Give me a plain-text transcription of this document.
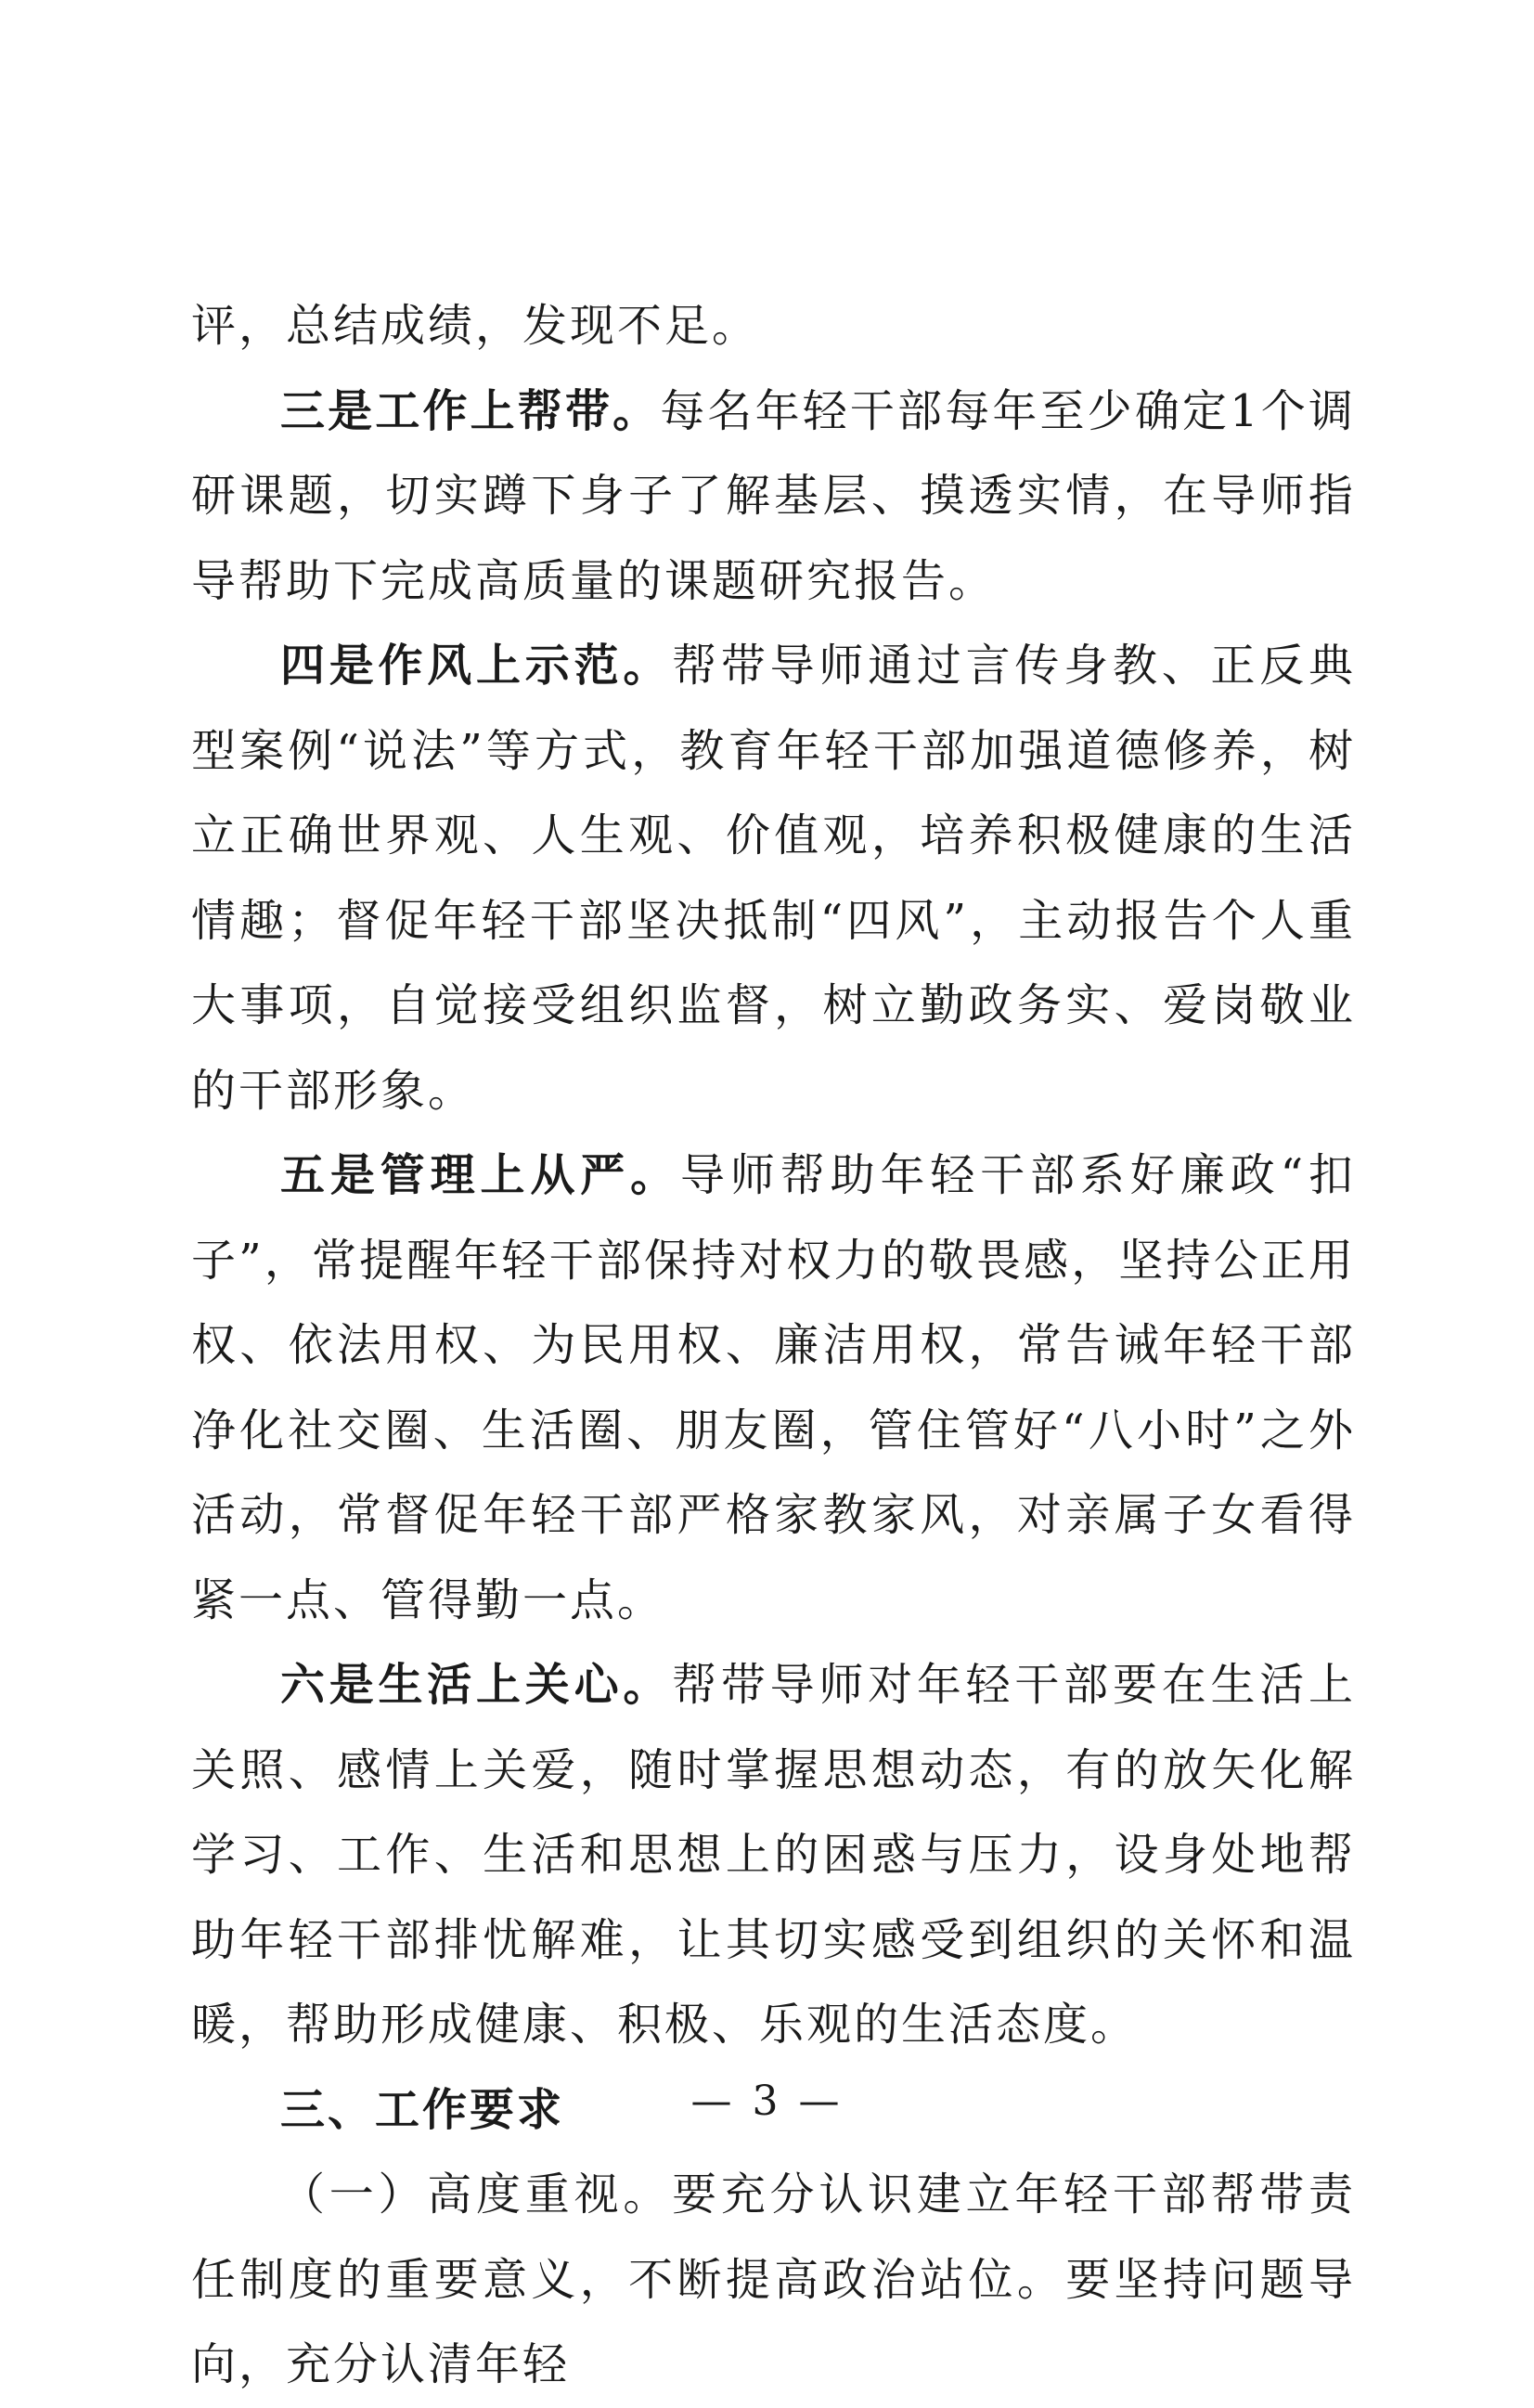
评，总结成绩，发现不足。

三是工作上帮带。每名年轻干部每年至少确定1个调研课题，切实蹲下身子了解基层、摸透实情，在导师指导帮助下完成高质量的课题研究报告。

四是作风上示范。帮带导师通过言传身教、正反典型案例“说法”等方式，教育年轻干部加强道德修养，树立正确世界观、人生观、价值观，培养积极健康的生活情趣；督促年轻干部坚决抵制“四风”，主动报告个人重大事项，自觉接受组织监督，树立勤政务实、爱岗敬业的干部形象。

五是管理上从严。导师帮助年轻干部系好廉政“扣子”，常提醒年轻干部保持对权力的敬畏感，坚持公正用权、依法用权、为民用权、廉洁用权，常告诫年轻干部净化社交圈、生活圈、朋友圈，管住管好“八小时”之外活动，常督促年轻干部严格家教家风，对亲属子女看得紧一点、管得勤一点。

六是生活上关心。帮带导师对年轻干部要在生活上关照、感情上关爱，随时掌握思想动态，有的放矢化解学习、工作、生活和思想上的困惑与压力，设身处地帮助年轻干部排忧解难，让其切实感受到组织的关怀和温暖，帮助形成健康、积极、乐观的生活态度。

三、工作要求

（一）高度重视。要充分认识建立年轻干部帮带责任制度的重要意义，不断提高政治站位。要坚持问题导向，充分认清年轻

— 3 —
